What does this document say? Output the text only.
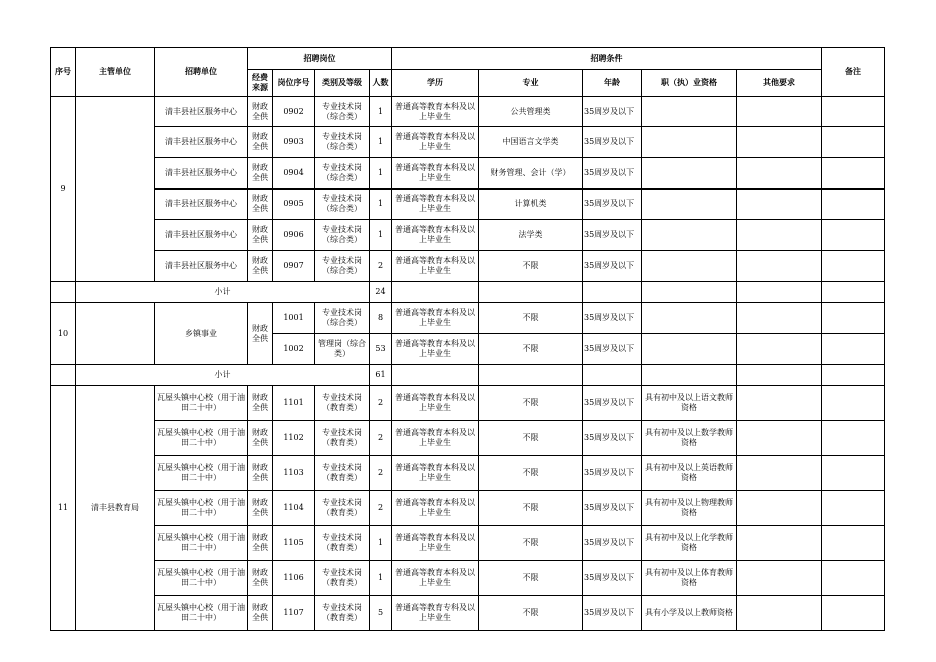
序号	主管单位	招聘单位	招聘岗位				招聘条件					备注
			经费来源	岗位序号	类别及等级	人数	学历	专业	年龄	职（执）业资格	其他要求	
9		清丰县社区服务中心	财政全供	0902	专业技术岗（综合类）	1	普通高等教育本科及以上毕业生	公共管理类	35周岁及以下			
		清丰县社区服务中心	财政全供	0903	专业技术岗（综合类）	1	普通高等教育本科及以上毕业生	中国语言文学类	35周岁及以下			
		清丰县社区服务中心	财政全供	0904	专业技术岗（综合类）	1	普通高等教育本科及以上毕业生	财务管理、会计（学）	35周岁及以下			
		清丰县社区服务中心	财政全供	0905	专业技术岗（综合类）	1	普通高等教育本科及以上毕业生	计算机类	35周岁及以下			
		清丰县社区服务中心	财政全供	0906	专业技术岗（综合类）	1	普通高等教育本科及以上毕业生	法学类	35周岁及以下			
		清丰县社区服务中心	财政全供	0907	专业技术岗（综合类）	2	普通高等教育本科及以上毕业生	不限	35周岁及以下			
	小计					24						
10		乡镇事业	财政全供	1001	专业技术岗（综合类）	8	普通高等教育本科及以上毕业生	不限	35周岁及以下			
				1002	管理岗（综合类）	53	普通高等教育本科及以上毕业生	不限	35周岁及以下			
	小计					61						
11	清丰县教育局	瓦屋头镇中心校（用于油田二十中）	财政全供	1101	专业技术岗（教育类）	2	普通高等教育本科及以上毕业生	不限	35周岁及以下	具有初中及以上语文教师资格		
		瓦屋头镇中心校（用于油田二十中）	财政全供	1102	专业技术岗（教育类）	2	普通高等教育本科及以上毕业生	不限	35周岁及以下	具有初中及以上数学教师资格		
		瓦屋头镇中心校（用于油田二十中）	财政全供	1103	专业技术岗（教育类）	2	普通高等教育本科及以上毕业生	不限	35周岁及以下	具有初中及以上英语教师资格		
		瓦屋头镇中心校（用于油田二十中）	财政全供	1104	专业技术岗（教育类）	2	普通高等教育本科及以上毕业生	不限	35周岁及以下	具有初中及以上物理教师资格		
		瓦屋头镇中心校（用于油田二十中）	财政全供	1105	专业技术岗（教育类）	1	普通高等教育本科及以上毕业生	不限	35周岁及以下	具有初中及以上化学教师资格		
		瓦屋头镇中心校（用于油田二十中）	财政全供	1106	专业技术岗（教育类）	1	普通高等教育本科及以上毕业生	不限	35周岁及以下	具有初中及以上体育教师资格		
		瓦屋头镇中心校（用于油田二十中）	财政全供	1107	专业技术岗（教育类）	5	普通高等教育专科及以上毕业生	不限	35周岁及以下	具有小学及以上教师资格		
